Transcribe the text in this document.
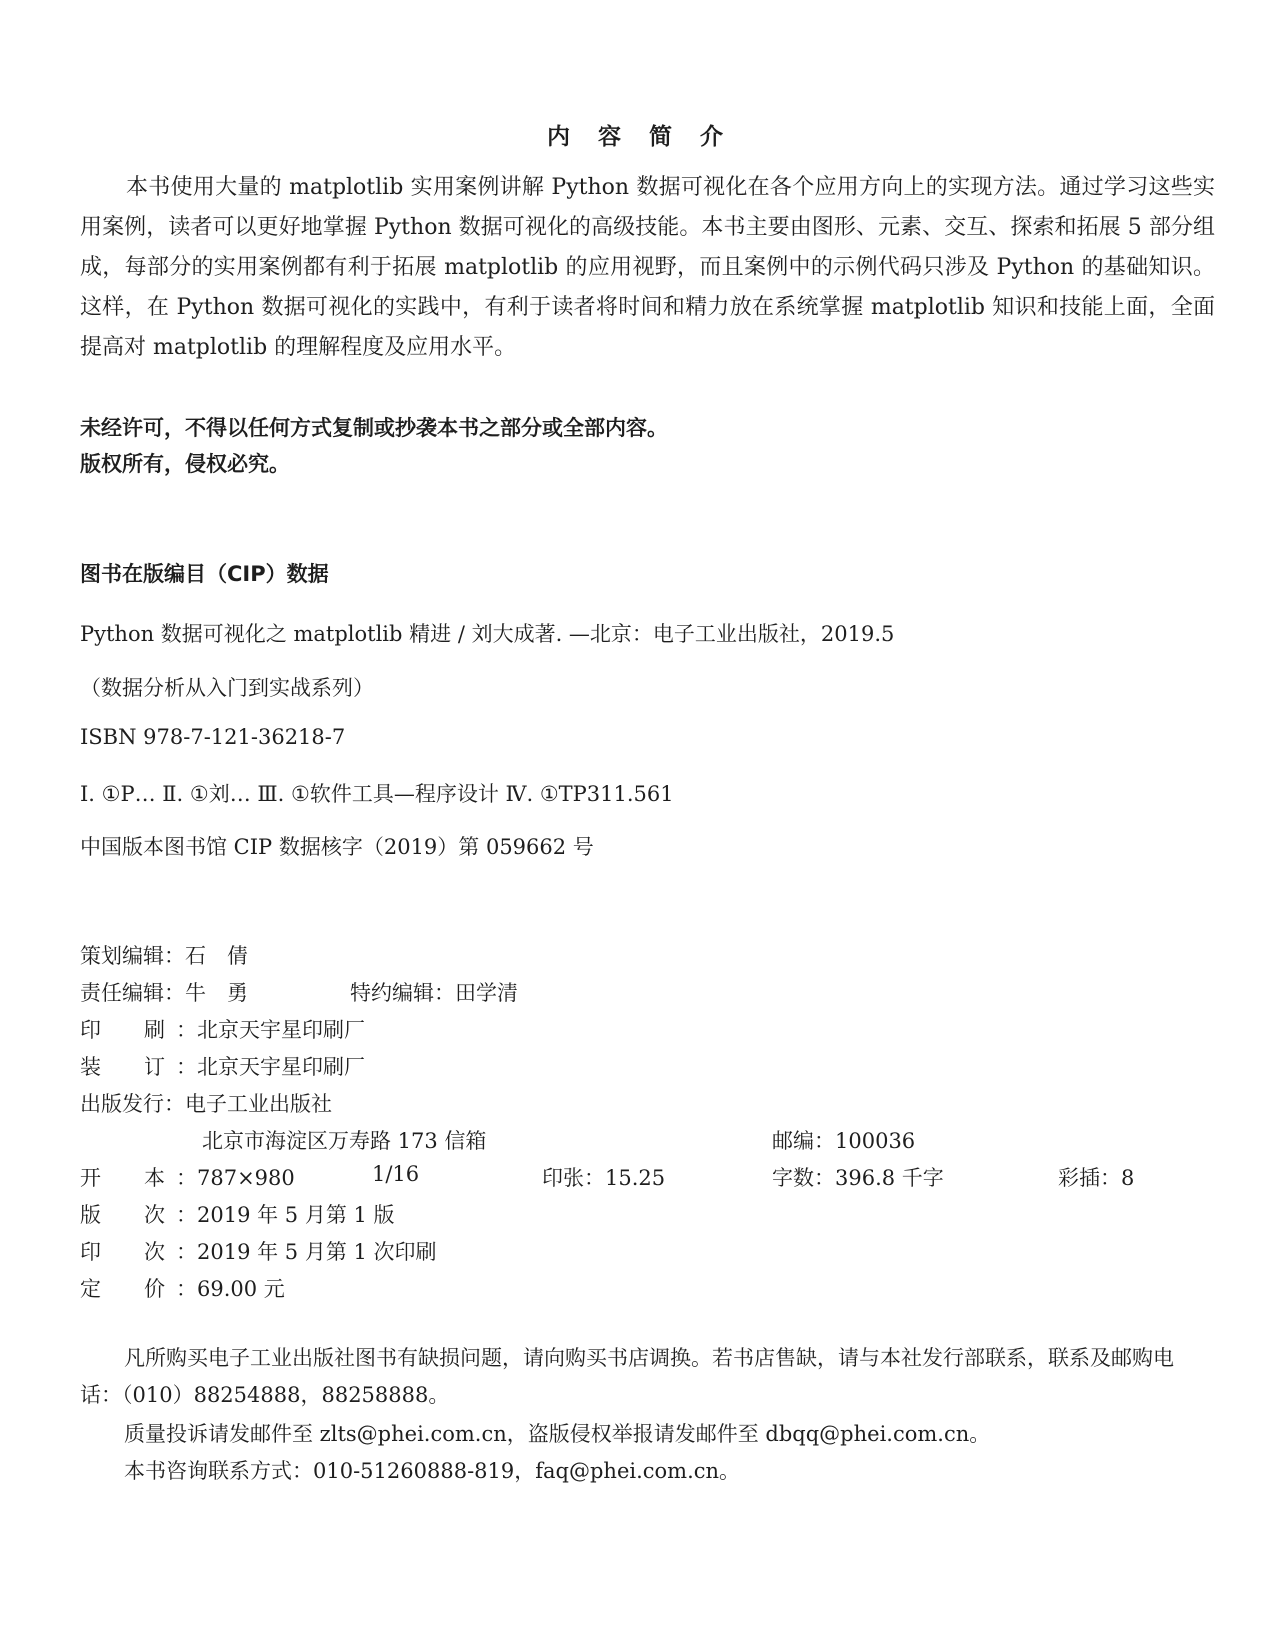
内 容 简 介

本书使用大量的 matplotlib 实用案例讲解 Python 数据可视化在各个应用方向上的实现方法。通过学习这些实用案例，读者可以更好地掌握 Python 数据可视化的高级技能。本书主要由图形、元素、交互、探索和拓展 5 部分组成，每部分的实用案例都有利于拓展 matplotlib 的应用视野，而且案例中的示例代码只涉及 Python 的基础知识。这样，在 Python 数据可视化的实践中，有利于读者将时间和精力放在系统掌握 matplotlib 知识和技能上面，全面提高对 matplotlib 的理解程度及应用水平。

未经许可，不得以任何方式复制或抄袭本书之部分或全部内容。
版权所有，侵权必究。
图书在版编目（CIP）数据
Python 数据可视化之 matplotlib 精进 / 刘大成著. —北京：电子工业出版社，2019.5
（数据分析从入门到实战系列）
ISBN 978-7-121-36218-7
Ⅰ. ①P… Ⅱ. ①刘… Ⅲ. ①软件工具—程序设计 Ⅳ. ①TP311.561
中国版本图书馆 CIP 数据核字（2019）第 059662 号
策划编辑：石　倩
责任编辑：牛　勇	特约编辑：田学清
印　刷：北京天宇星印刷厂
装　订：北京天宇星印刷厂
出版发行：电子工业出版社
北京市海淀区万寿路 173 信箱	邮编：100036
开　本：787×980	1/16	印张：15.25	字数：396.8 千字	彩插：8
版　次：2019 年 5 月第 1 版
印　次：2019 年 5 月第 1 次印刷
定　价：69.00 元

凡所购买电子工业出版社图书有缺损问题，请向购买书店调换。若书店售缺，请与本社发行部联系，联系及邮购电话：（010）88254888，88258888。

质量投诉请发邮件至 zlts@phei.com.cn，盗版侵权举报请发邮件至 dbqq@phei.com.cn。

本书咨询联系方式：010-51260888-819，faq@phei.com.cn。
